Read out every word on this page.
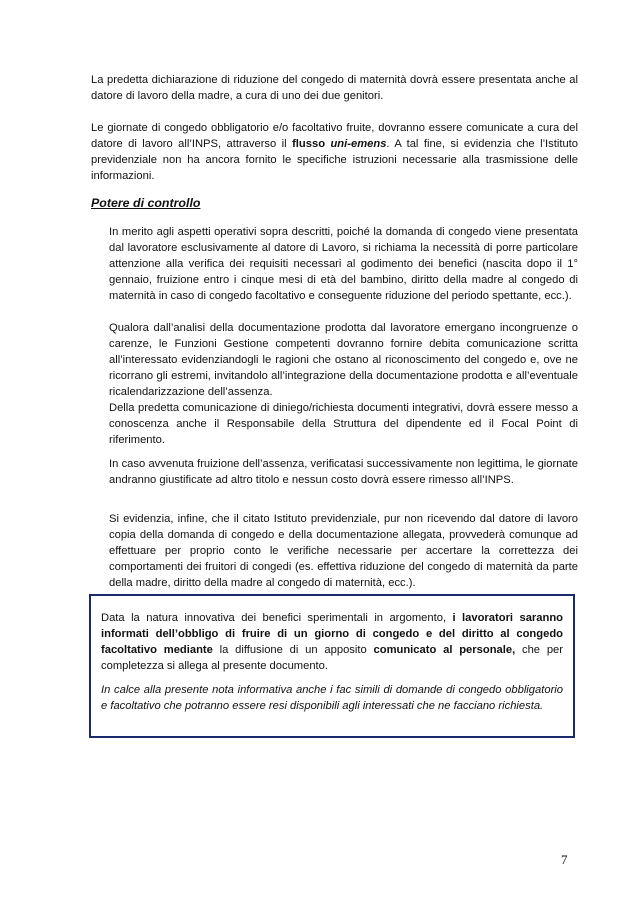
La predetta dichiarazione di riduzione del congedo di maternità dovrà essere presentata anche al datore di lavoro della madre, a cura di uno dei due genitori.

Le giornate di congedo obbligatorio e/o facoltativo fruite, dovranno essere comunicate a cura del datore di lavoro all’INPS, attraverso il flusso uni-emens. A tal fine, si evidenzia che l’Istituto previdenziale non ha ancora fornito le specifiche istruzioni necessarie alla trasmissione delle informazioni.

Potere di controllo

In merito agli aspetti operativi sopra descritti, poiché la domanda di congedo viene presentata dal lavoratore esclusivamente al datore di Lavoro, si richiama la necessità di porre particolare attenzione alla verifica dei requisiti necessari al godimento dei benefici (nascita dopo il 1° gennaio, fruizione entro i cinque mesi di età del bambino, diritto della madre al congedo di maternità in caso di congedo facoltativo e conseguente riduzione del periodo spettante, ecc.).

Qualora dall’analisi della documentazione prodotta dal lavoratore emergano incongruenze o carenze, le Funzioni Gestione competenti dovranno fornire debita comunicazione scritta all’interessato evidenziandogli le ragioni che ostano al riconoscimento del congedo e, ove ne ricorrano gli estremi, invitandolo all’integrazione della documentazione prodotta e all’eventuale ricalendarizzazione dell’assenza.

Della predetta comunicazione di diniego/richiesta documenti integrativi, dovrà essere messo a conoscenza anche il Responsabile della Struttura del dipendente ed il Focal Point di riferimento.

In caso avvenuta fruizione dell’assenza, verificatasi successivamente non legittima, le giornate andranno giustificate ad altro titolo e nessun costo dovrà essere rimesso all’INPS.

Si evidenzia, infine, che il citato Istituto previdenziale, pur non ricevendo dal datore di lavoro copia della domanda di congedo e della documentazione allegata, provvederà comunque ad effettuare per proprio conto le verifiche necessarie per accertare la correttezza dei comportamenti dei fruitori di congedi (es. effettiva riduzione del congedo di maternità da parte della madre, diritto della madre al congedo di maternità, ecc.).

Data la natura innovativa dei benefici sperimentali in argomento, i lavoratori saranno informati dell’obbligo di fruire di un giorno di congedo e del diritto al congedo facoltativo mediante la diffusione di un apposito comunicato al personale, che per completezza si allega al presente documento.

In calce alla presente nota informativa anche i fac simili di domande di congedo obbligatorio e facoltativo che potranno essere resi disponibili agli interessati che ne facciano richiesta.

7
